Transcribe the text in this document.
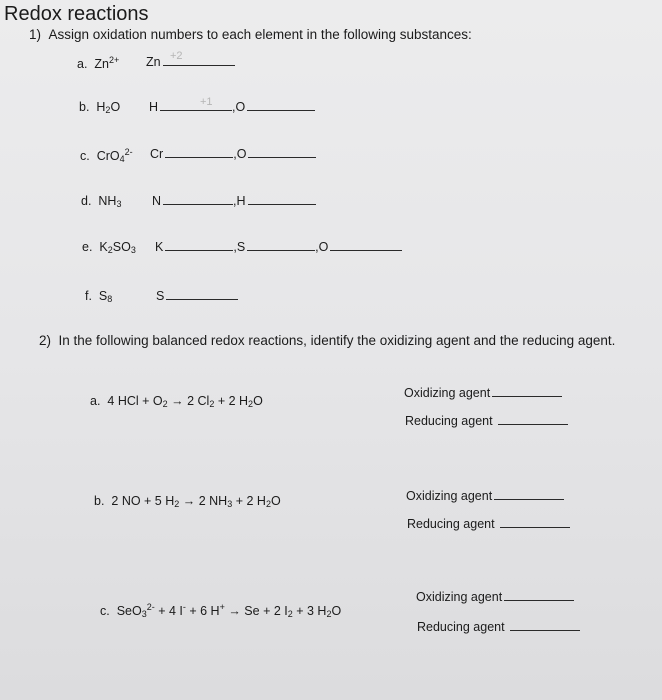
Redox reactions
1) Assign oxidation numbers to each element in the following substances:
a. $Zn^{2+}$ Zn +2
b. $H_2O$ H	,O
+1
c. CrO$_4^{2-}$ Cr	,O
d. $NH_3$ N	,H
e. $K_2SO_3$ K	,S	,O
f. $S_8$	S
2) In the following balanced redox reactions, identify the oxidizing agent and the reducing agent.
a. 4 HCl + $O_2 \to 2$ $Cl_2 + 2$ $H_2O$
Oxidizing agent
Reducing agent
b. 2 NO + 5 $H_2 \to 2$ $NH_3 + 2$ $H_2O$	Oxidizing agent
Reducing agent
c. SeO$_3^{2-}$ + 4 I- + 6 H+ → Se + 2 $I_2 + 3$ $H_2O$
Oxidizing agent
Reducing agent
